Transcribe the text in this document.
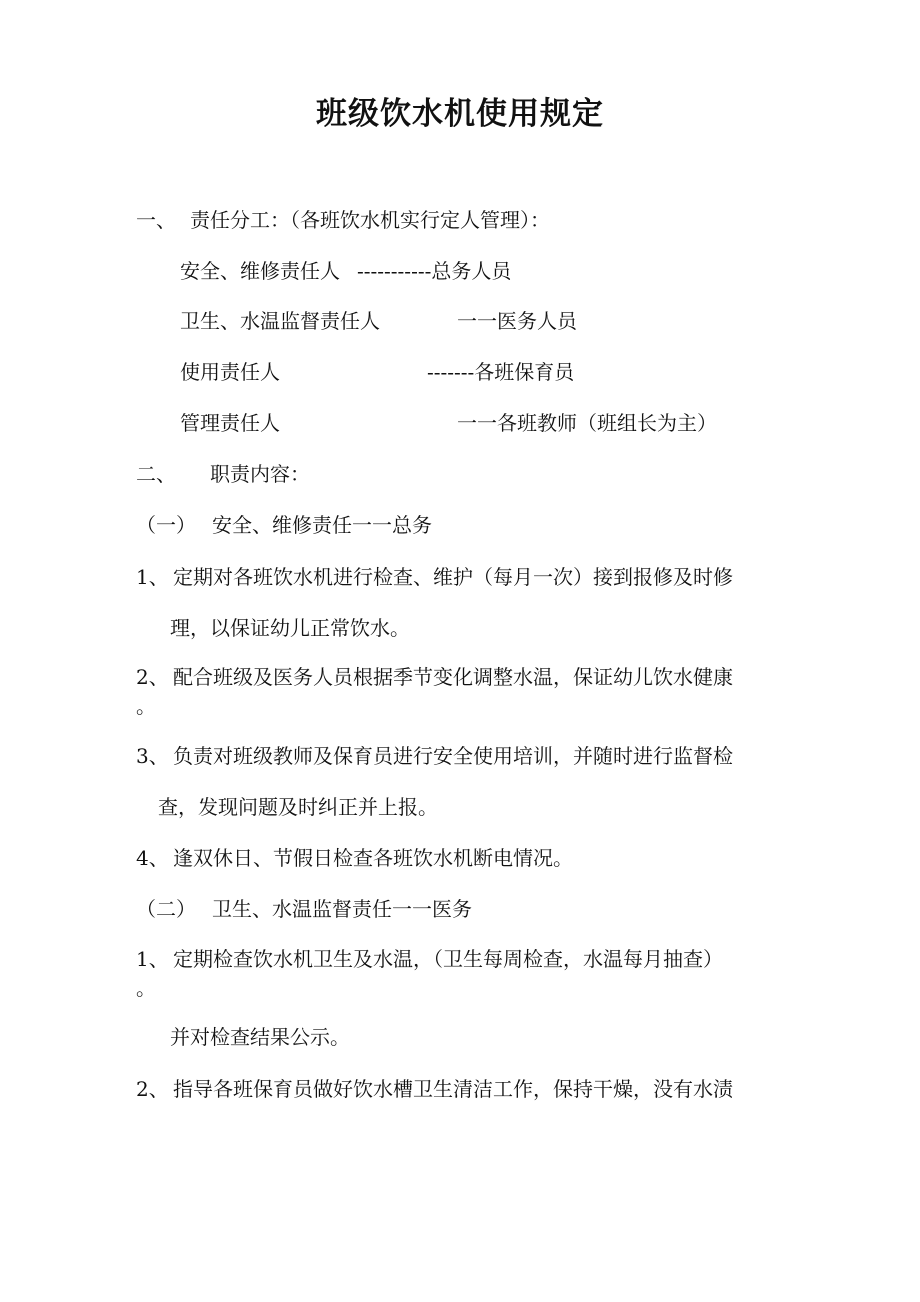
班级饮水机使用规定
一、 责任分工：（各班饮水机实行定人管理）：
安全、维修责任人 -----------总务人员
卫生、水温监督责任人	一一医务人员
使用责任人	-------各班保育员
管理责任人	一一各班教师（班组长为主）
二、 职责内容：
（一） 安全、维修责任一一总务
1、 定期对各班饮水机进行检查、维护（每月一次）接到报修及时修
理，以保证幼儿正常饮水。
2、 配合班级及医务人员根据季节变化调整水温，保证幼儿饮水健康
。
3、 负责对班级教师及保育员进行安全使用培训，并随时进行监督检
查，发现问题及时纠正并上报。
4、 逢双休日、节假日检查各班饮水机断电情况。
（二） 卫生、水温监督责任一一医务
1、 定期检查饮水机卫生及水温，（卫生每周检查，水温每月抽查）
。
并对检查结果公示。
2、 指导各班保育员做好饮水槽卫生清洁工作，保持干燥，没有水渍
